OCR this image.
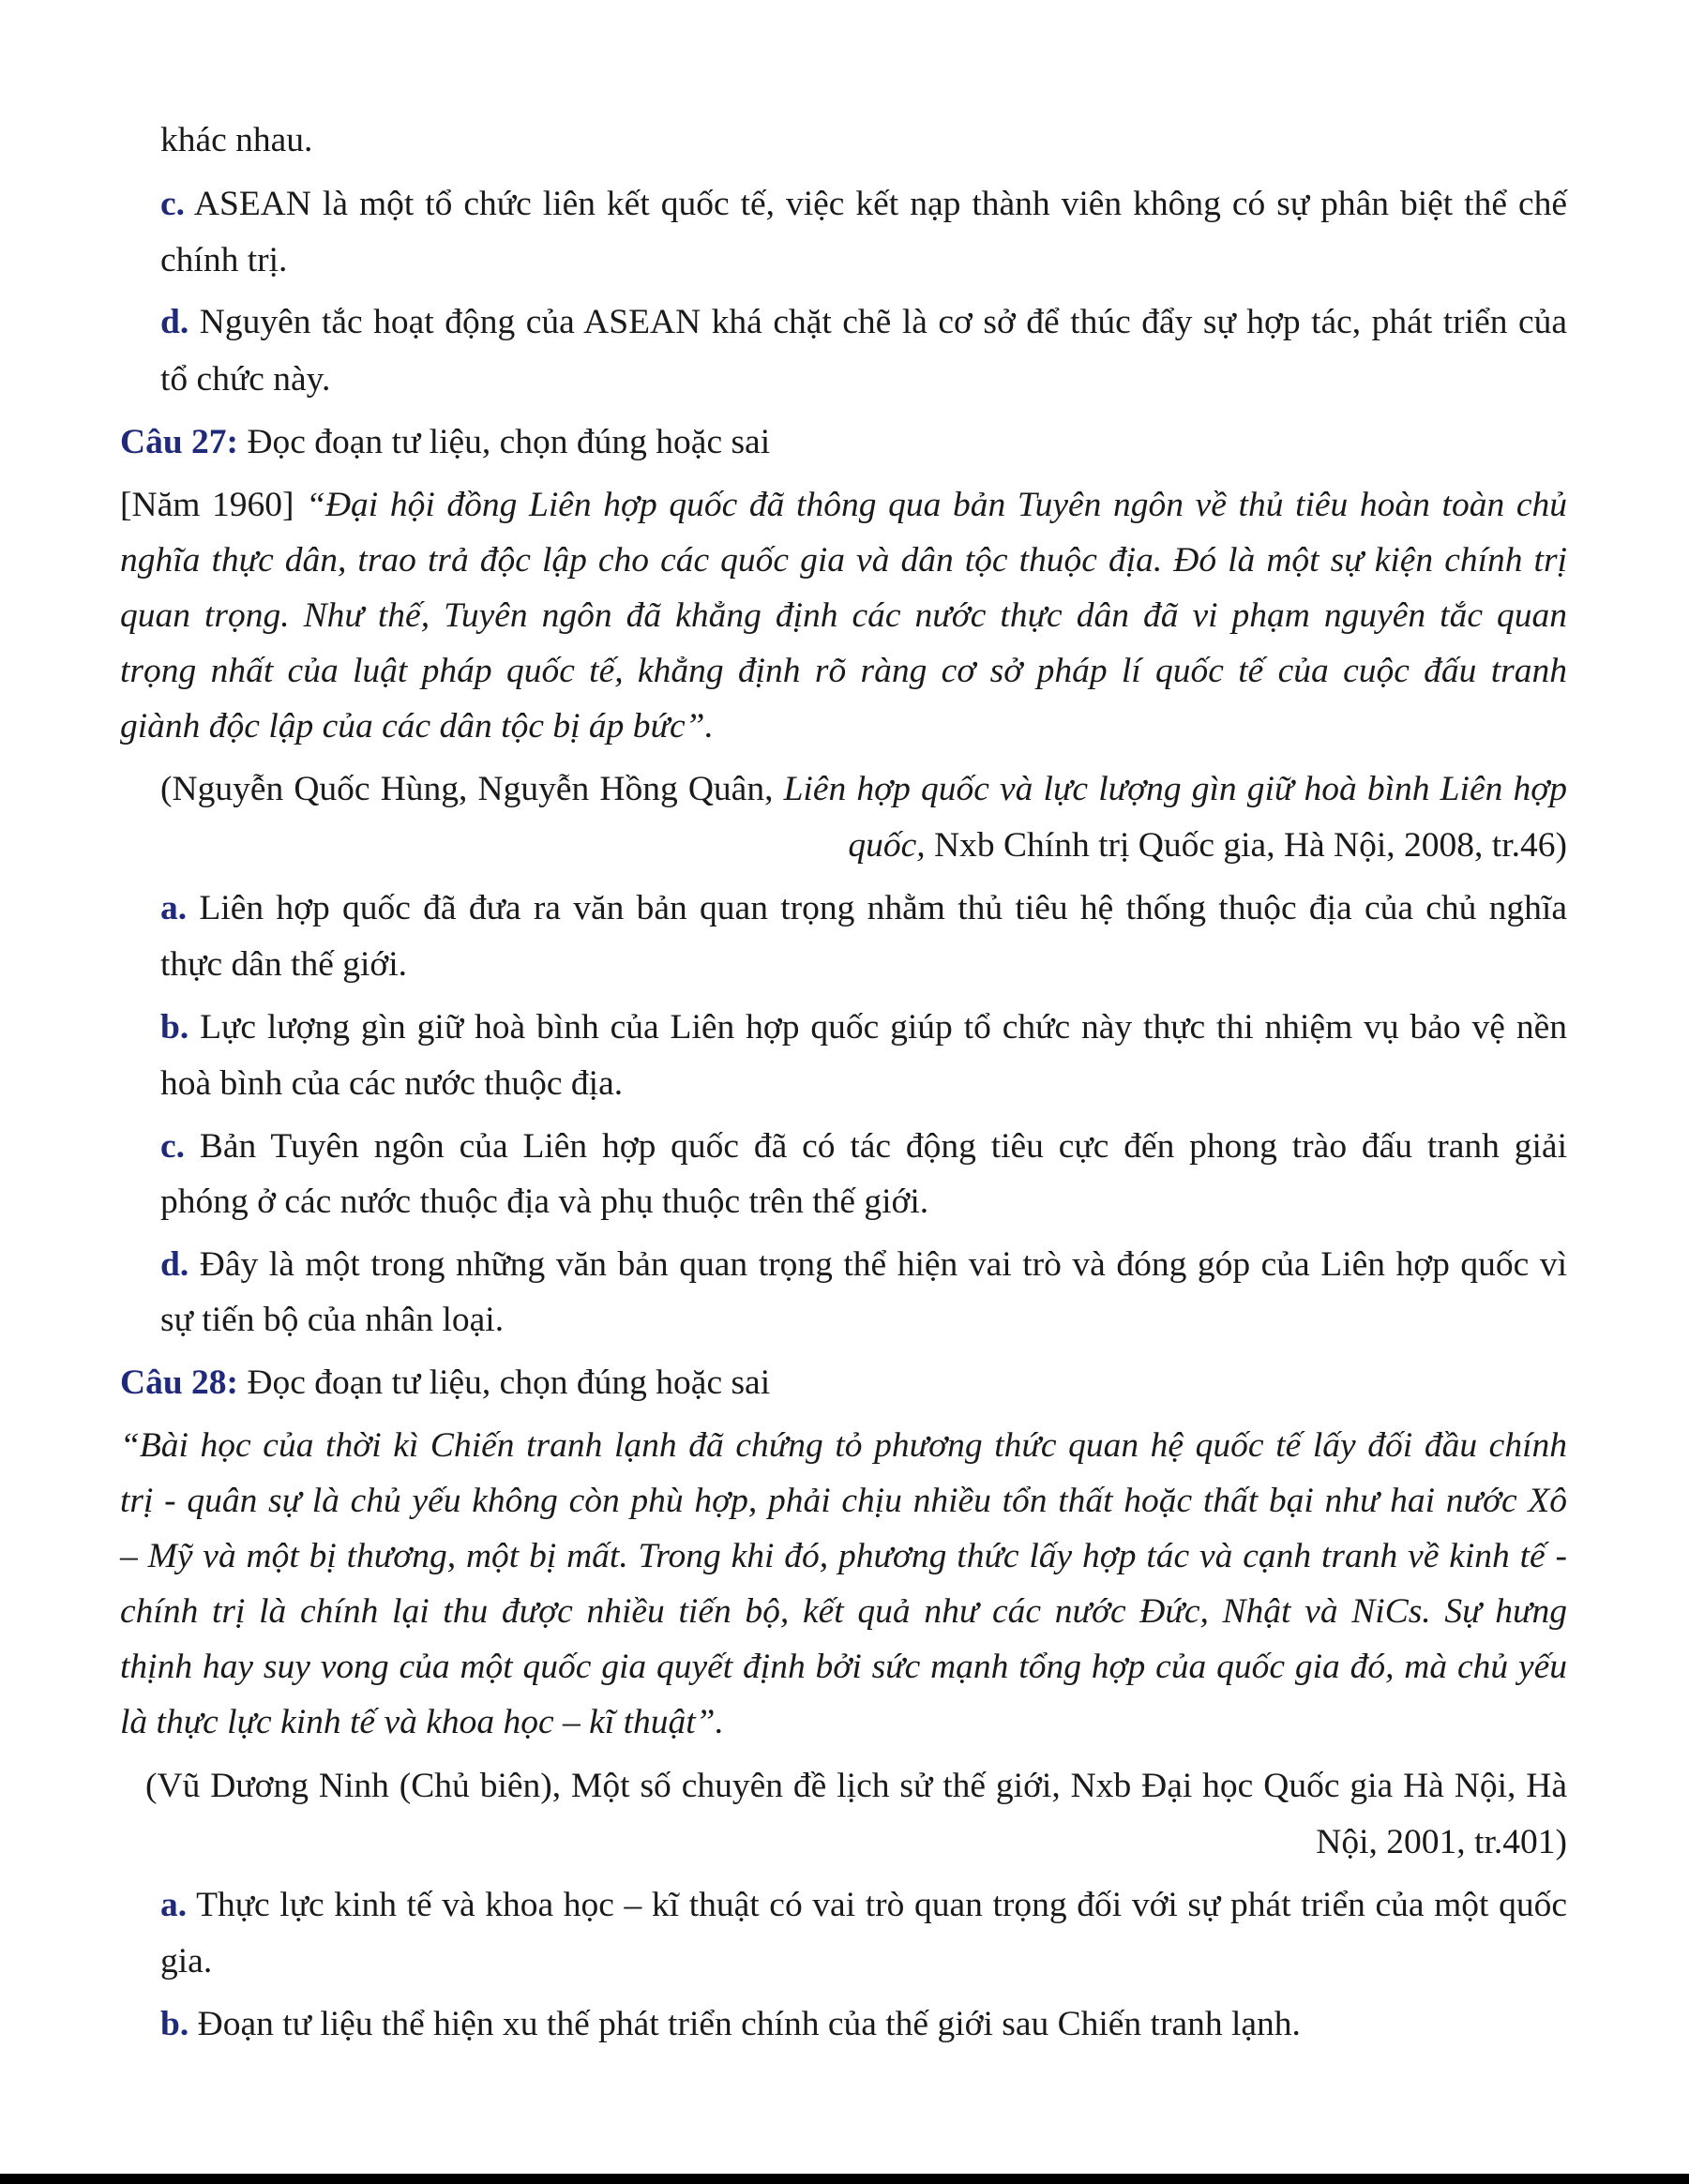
khác nhau.

c. ASEAN là một tổ chức liên kết quốc tế, việc kết nạp thành viên không có sự phân biệt thể chế

chính trị.

d. Nguyên tắc hoạt động của ASEAN khá chặt chẽ là cơ sở để thúc đẩy sự hợp tác, phát triển của

tổ chức này.

Câu 27: Đọc đoạn tư liệu, chọn đúng hoặc sai

[Năm 1960] “Đại hội đồng Liên hợp quốc đã thông qua bản Tuyên ngôn về thủ tiêu hoàn toàn chủ

nghĩa thực dân, trao trả độc lập cho các quốc gia và dân tộc thuộc địa. Đó là một sự kiện chính trị

quan trọng. Như thế, Tuyên ngôn đã khẳng định các nước thực dân đã vi phạm nguyên tắc quan

trọng nhất của luật pháp quốc tế, khẳng định rõ ràng cơ sở pháp lí quốc tế của cuộc đấu tranh

giành độc lập của các dân tộc bị áp bức”.

(Nguyễn Quốc Hùng, Nguyễn Hồng Quân, Liên hợp quốc và lực lượng gìn giữ hoà bình Liên hợp

quốc, Nxb Chính trị Quốc gia, Hà Nội, 2008, tr.46)

a. Liên hợp quốc đã đưa ra văn bản quan trọng nhằm thủ tiêu hệ thống thuộc địa của chủ nghĩa

thực dân thế giới.

b. Lực lượng gìn giữ hoà bình của Liên hợp quốc giúp tổ chức này thực thi nhiệm vụ bảo vệ nền

hoà bình của các nước thuộc địa.

c. Bản Tuyên ngôn của Liên hợp quốc đã có tác động tiêu cực đến phong trào đấu tranh giải

phóng ở các nước thuộc địa và phụ thuộc trên thế giới.

d. Đây là một trong những văn bản quan trọng thể hiện vai trò và đóng góp của Liên hợp quốc vì

sự tiến bộ của nhân loại.

Câu 28: Đọc đoạn tư liệu, chọn đúng hoặc sai

“Bài học của thời kì Chiến tranh lạnh đã chứng tỏ phương thức quan hệ quốc tế lấy đối đầu chính

trị - quân sự là chủ yếu không còn phù hợp, phải chịu nhiều tổn thất hoặc thất bại như hai nước Xô

– Mỹ và một bị thương, một bị mất. Trong khi đó, phương thức lấy hợp tác và cạnh tranh về kinh tế -

chính trị là chính lại thu được nhiều tiến bộ, kết quả như các nước Đức, Nhật và NiCs. Sự hưng

thịnh hay suy vong của một quốc gia quyết định bởi sức mạnh tổng hợp của quốc gia đó, mà chủ yếu

là thực lực kinh tế và khoa học – kĩ thuật”.

(Vũ Dương Ninh (Chủ biên), Một số chuyên đề lịch sử thế giới, Nxb Đại học Quốc gia Hà Nội, Hà

Nội, 2001, tr.401)

a. Thực lực kinh tế và khoa học – kĩ thuật có vai trò quan trọng đối với sự phát triển của một quốc

gia.

b. Đoạn tư liệu thể hiện xu thế phát triển chính của thế giới sau Chiến tranh lạnh.
